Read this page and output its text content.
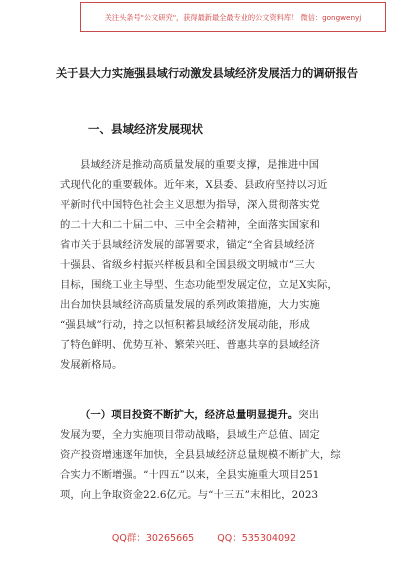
关注头条号"公文研究"，获得最新最全最专业的公文资料库！ 微信：gongwenyj
关于县大力实施强县域行动激发县域经济发展活力的调研报告
一、县域经济发展现状
县域经济是推动高质量发展的重要支撑，是推进中国
式现代化的重要载体。近年来，X县委、县政府坚持以习近
平新时代中国特色社会主义思想为指导，深入贯彻落实党
的二十大和二十届二中、三中全会精神，全面落实国家和
省市关于县域经济发展的部署要求，锚定“全省县域经济
十强县、省级乡村振兴样板县和全国县级文明城市”三大
目标，围绕工业主导型、生态功能型发展定位，立足X实际，
出台加快县域经济高质量发展的系列政策措施，大力实施
“强县域”行动，持之以恒积蓄县域经济发展动能，形成
了特色鲜明、优势互补、繁荣兴旺、普惠共享的县域经济
发展新格局。
（一）项目投资不断扩大，经济总量明显提升。突出
发展为要，全力实施项目带动战略，县域生产总值、固定
资产投资增速逐年加快，全县县域经济总量规模不断扩大，综
合实力不断增强。“十四五”以来，全县实施重大项目251
项，向上争取资金22.6亿元。与“十三五”末相比，2023
QQ群：30265665 QQ：535304092
